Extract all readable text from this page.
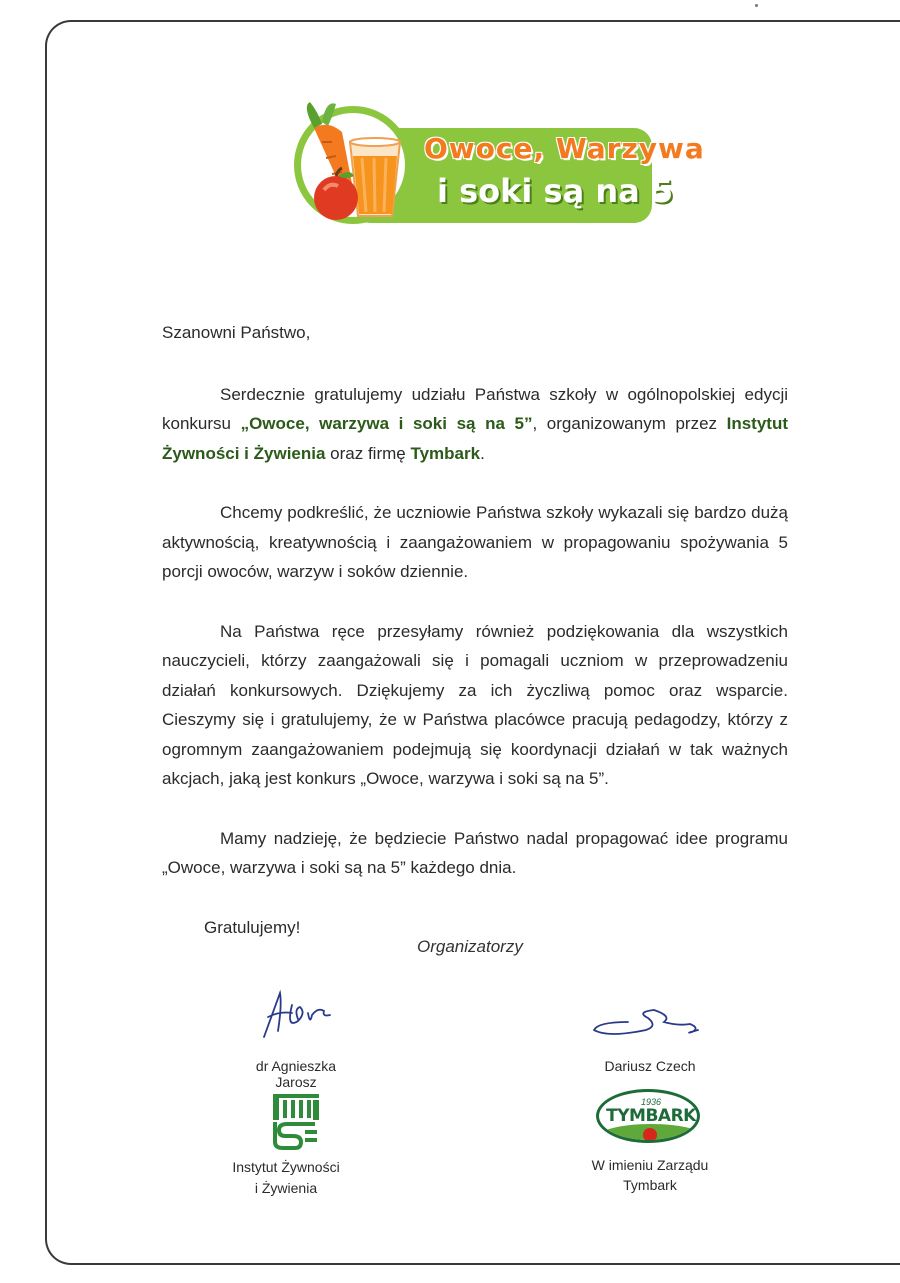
Owoce, Warzywa
i soki są na 5

Szanowni Państwo,

Serdecznie gratulujemy udziału Państwa szkoły w ogólnopolskiej edycji konkursu „Owoce, warzywa i soki są na 5”, organizowanym przez Instytut Żywności i Żywienia oraz firmę Tymbark.

Chcemy podkreślić, że uczniowie Państwa szkoły wykazali się bardzo dużą aktywnością, kreatywnością i zaangażowaniem w propagowaniu spożywania 5 porcji owoców, warzyw i soków dziennie.

Na Państwa ręce przesyłamy również podziękowania dla wszystkich nauczycieli, którzy zaangażowali się i pomagali uczniom w przeprowadzeniu działań konkursowych. Dziękujemy za ich życzliwą pomoc oraz wsparcie. Cieszymy się i gratulujemy, że w Państwa placówce pracują pedagodzy, którzy z ogromnym zaangażowaniem podejmują się koordynacji działań w tak ważnych akcjach, jaką jest konkurs „Owoce, warzywa i soki są na 5”.

Mamy nadzieję, że będziecie Państwo nadal propagować idee programu „Owoce, warzywa i soki są na 5” każdego dnia.

Gratulujemy!

Organizatorzy
dr Agnieszka Jarosz
Dariusz Czech
Instytut Żywności
i Żywienia
1936
TYMBARK
W imieniu Zarządu
Tymbark
